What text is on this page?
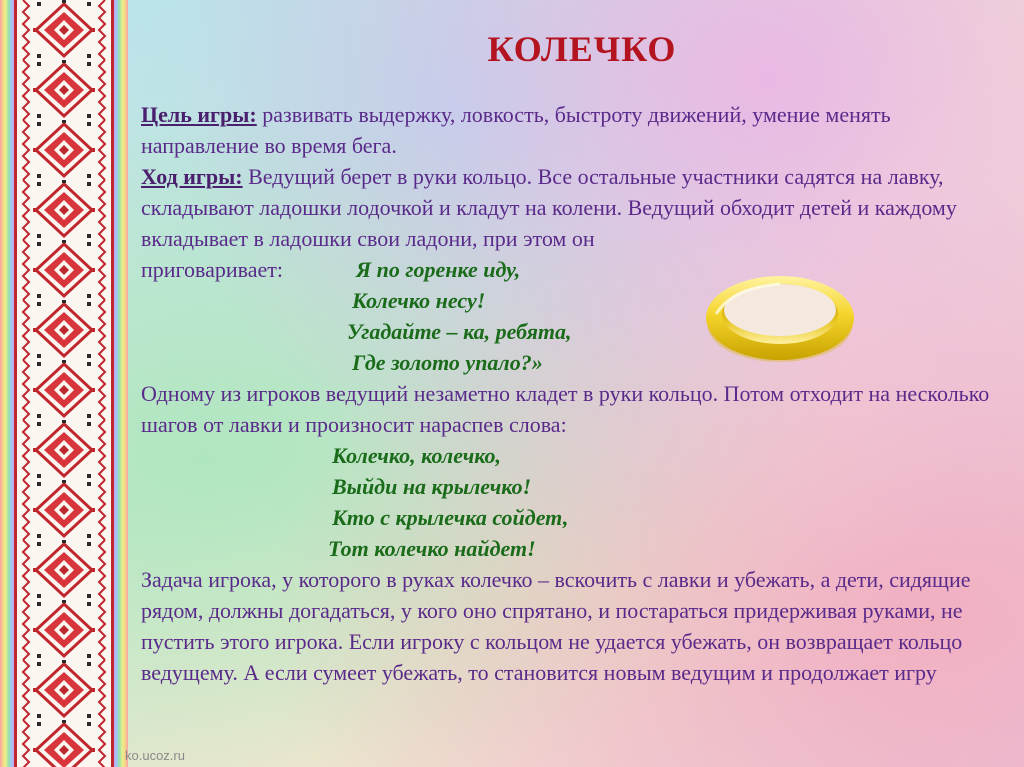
КОЛЕЧКО

Цель игры: развивать выдержку, ловкость, быстроту движений, умение менять направление во время бега.

Ход игры: Ведущий берет в руки кольцо. Все остальные участники садятся на лавку, складывают ладошки лодочкой и кладут на колени. Ведущий обходит детей и каждому вкладывает в ладошки свои ладони, при этом он

приговаривает:	Я по горенке иду,
Колечко несу!
Угадайте – ка, ребята,
Где золото упало?»

Одному из игроков ведущий незаметно кладет в руки кольцо. Потом отходит на несколько шагов от лавки и произносит нараспев слова:

Колечко, колечко,
Выйди на крылечко!
Кто с крылечка сойдет,
Тот колечко найдет!

Задача игрока, у которого в руках колечко – вскочить с лавки и убежать, а дети, сидящие рядом, должны догадаться, у кого оно спрятано, и постараться придерживая руками, не пустить этого игрока. Если игроку с кольцом не удается убежать, он возвращает кольцо ведущему. А если сумеет убежать, то становится новым ведущим и продолжает игру

ko.ucoz.ru
